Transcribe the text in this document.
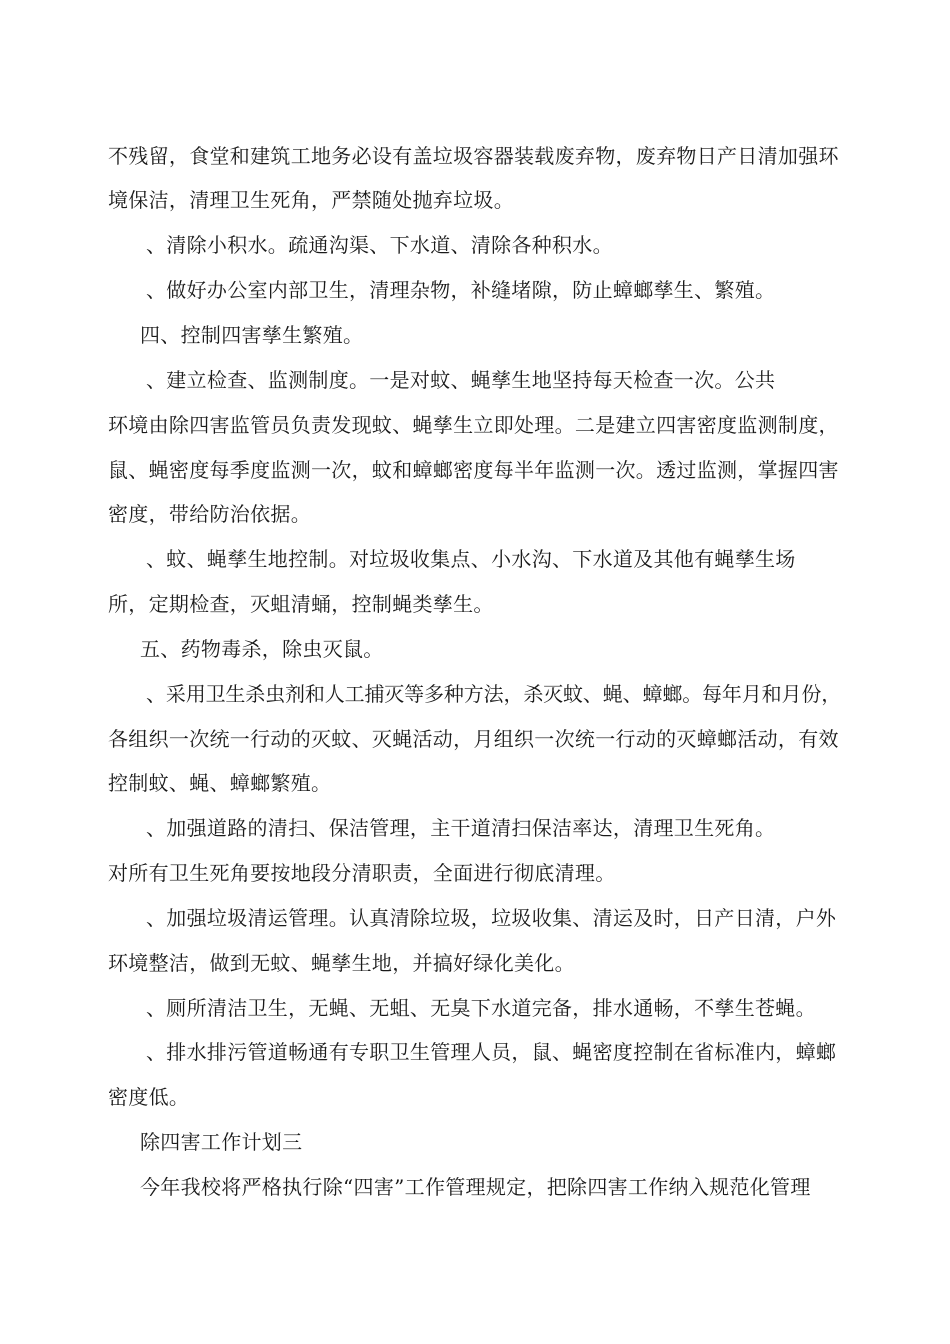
不残留，食堂和建筑工地务必设有盖垃圾容器装载废弃物，废弃物日产日清加强环
境保洁，清理卫生死角，严禁随处抛弃垃圾。
、清除小积水。疏通沟渠、下水道、清除各种积水。
、做好办公室内部卫生，清理杂物，补缝堵隙，防止蟑螂孳生、繁殖。
四、控制四害孳生繁殖。
、建立检查、监测制度。一是对蚊、蝇孳生地坚持每天检查一次。公共
环境由除四害监管员负责发现蚊、蝇孳生立即处理。二是建立四害密度监测制度，
鼠、蝇密度每季度监测一次，蚊和蟑螂密度每半年监测一次。透过监测，掌握四害
密度，带给防治依据。
、蚊、蝇孳生地控制。对垃圾收集点、小水沟、下水道及其他有蝇孳生场
所，定期检查，灭蛆清蛹，控制蝇类孳生。
五、药物毒杀，除虫灭鼠。
、采用卫生杀虫剂和人工捕灭等多种方法，杀灭蚊、蝇、蟑螂。每年月和月份，
各组织一次统一行动的灭蚊、灭蝇活动，月组织一次统一行动的灭蟑螂活动，有效
控制蚊、蝇、蟑螂繁殖。
、加强道路的清扫、保洁管理，主干道清扫保洁率达，清理卫生死角。
对所有卫生死角要按地段分清职责，全面进行彻底清理。
、加强垃圾清运管理。认真清除垃圾，垃圾收集、清运及时，日产日清，户外
环境整洁，做到无蚊、蝇孳生地，并搞好绿化美化。
、厕所清洁卫生，无蝇、无蛆、无臭下水道完备，排水通畅，不孳生苍蝇。
、排水排污管道畅通有专职卫生管理人员，鼠、蝇密度控制在省标准内，蟑螂
密度低。
除四害工作计划三
今年我校将严格执行除“四害”工作管理规定，把除四害工作纳入规范化管理
